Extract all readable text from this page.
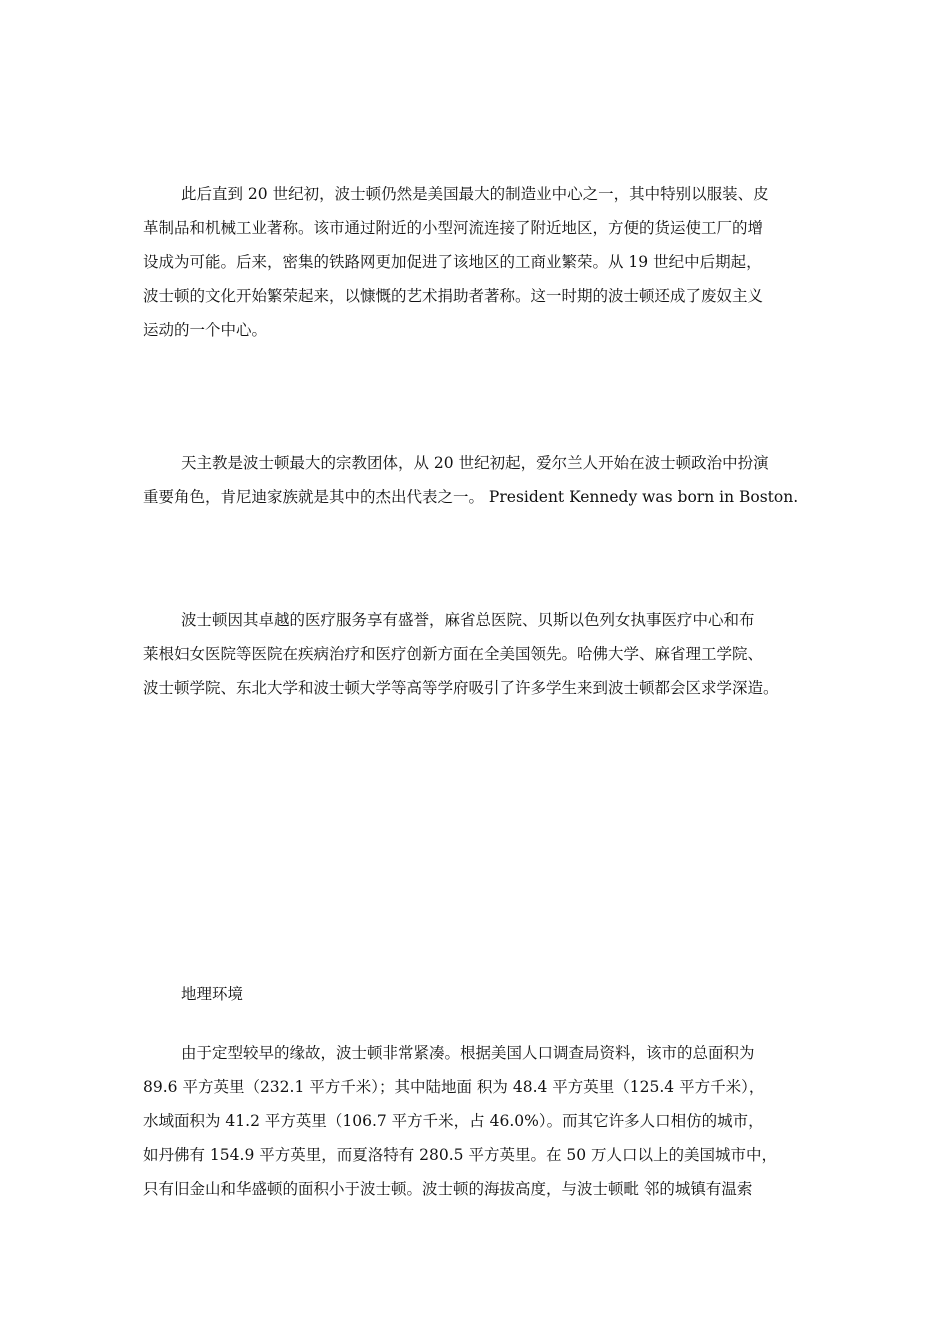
此后直到 20 世纪初，波士顿仍然是美国最大的制造业中心之一，其中特别以服装、皮
革制品和机械工业著称。该市通过附近的小型河流连接了附近地区，方便的货运使工厂的增
设成为可能。后来，密集的铁路网更加促进了该地区的工商业繁荣。从 19 世纪中后期起，
波士顿的文化开始繁荣起来，以慷慨的艺术捐助者著称。这一时期的波士顿还成了废奴主义
运动的一个中心。

天主教是波士顿最大的宗教团体，从 20 世纪初起，爱尔兰人开始在波士顿政治中扮演
重要角色，肯尼迪家族就是其中的杰出代表之一。 President Kennedy was born in Boston.

波士顿因其卓越的医疗服务享有盛誉，麻省总医院、贝斯以色列女执事医疗中心和布
莱根妇女医院等医院在疾病治疗和医疗创新方面在全美国领先。哈佛大学、麻省理工学院、
波士顿学院、东北大学和波士顿大学等高等学府吸引了许多学生来到波士顿都会区求学深造。

地理环境

由于定型较早的缘故，波士顿非常紧凑。根据美国人口调查局资料，该市的总面积为
89.6 平方英里（232.1 平方千米）；其中陆地面 积为 48.4 平方英里（125.4 平方千米），
水域面积为 41.2 平方英里（106.7 平方千米，占 46.0%）。而其它许多人口相仿的城市，
如丹佛有 154.9 平方英里，而夏洛特有 280.5 平方英里。在 50 万人口以上的美国城市中，
只有旧金山和华盛顿的面积小于波士顿。波士顿的海拔高度，与波士顿毗 邻的城镇有温索
